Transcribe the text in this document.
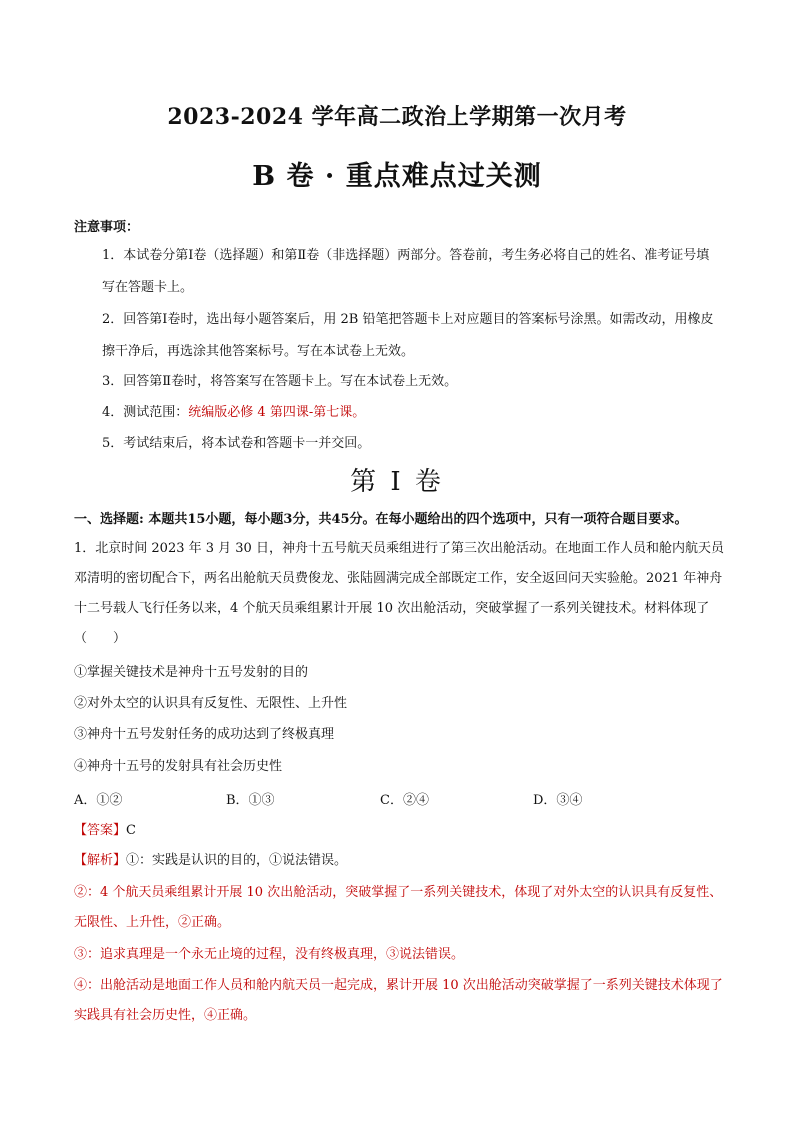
2023-2024 学年高二政治上学期第一次月考
B 卷 · 重点难点过关测
注意事项：
1．本试卷分第Ⅰ卷（选择题）和第Ⅱ卷（非选择题）两部分。答卷前，考生务必将自己的姓名、准考证号填写在答题卡上。
2．回答第Ⅰ卷时，选出每小题答案后，用 2B 铅笔把答题卡上对应题目的答案标号涂黑。如需改动，用橡皮擦干净后，再选涂其他答案标号。写在本试卷上无效。
3．回答第Ⅱ卷时，将答案写在答题卡上。写在本试卷上无效。
4．测试范围：统编版必修 4 第四课-第七课。
5．考试结束后，将本试卷和答题卡一并交回。
第 I 卷
一、选择题: 本题共15小题，每小题3分，共45分。在每小题给出的四个选项中，只有一项符合题目要求。
1．北京时间 2023 年 3 月 30 日，神舟十五号航天员乘组进行了第三次出舱活动。在地面工作人员和舱内航天员邓清明的密切配合下，两名出舱航天员费俊龙、张陆圆满完成全部既定工作，安全返回问天实验舱。2021 年神舟十二号载人飞行任务以来，4 个航天员乘组累计开展 10 次出舱活动，突破掌握了一系列关键技术。材料体现了（　　）
①掌握关键技术是神舟十五号发射的目的
②对外太空的认识具有反复性、无限性、上升性
③神舟十五号发射任务的成功达到了终极真理
④神舟十五号的发射具有社会历史性
A．①②	B．①③	C．②④	D．③④
【答案】C
【解析】①：实践是认识的目的，①说法错误。
②：4 个航天员乘组累计开展 10 次出舱活动，突破掌握了一系列关键技术，体现了对外太空的认识具有反复性、无限性、上升性，②正确。
③：追求真理是一个永无止境的过程，没有终极真理，③说法错误。
④：出舱活动是地面工作人员和舱内航天员一起完成，累计开展 10 次出舱活动突破掌握了一系列关键技术体现了实践具有社会历史性，④正确。
